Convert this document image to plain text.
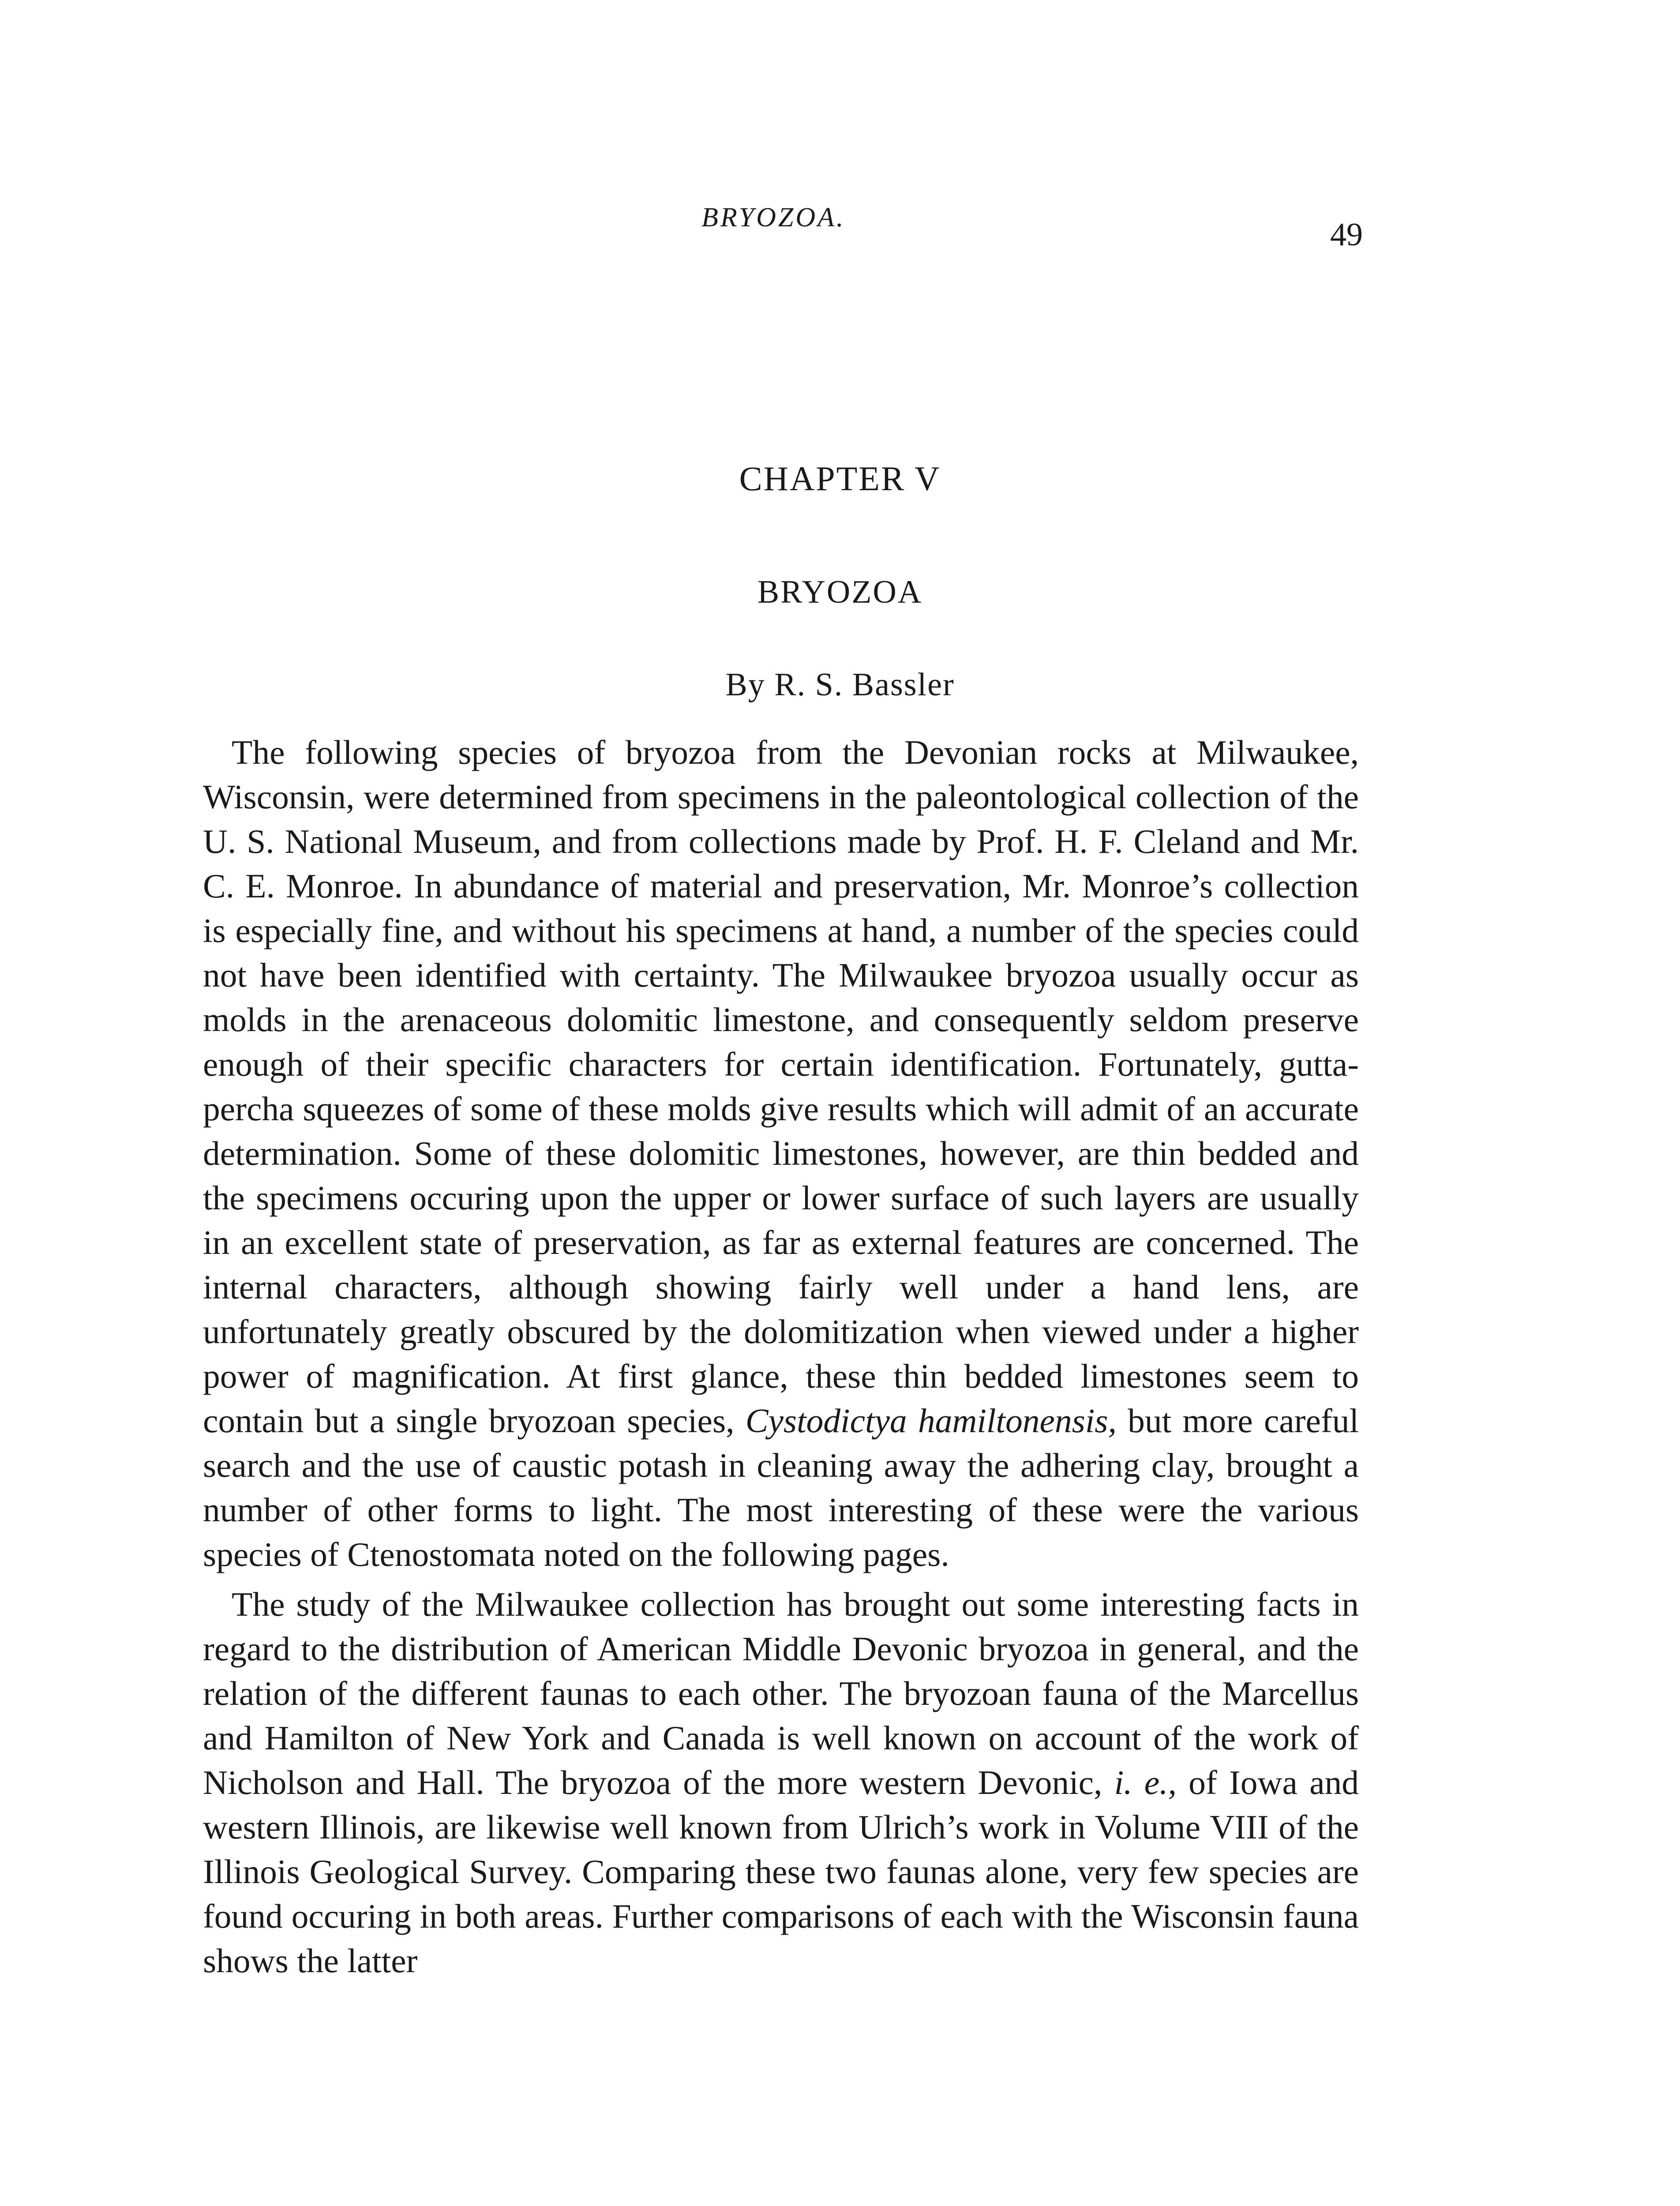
BRYOZOA.	49
CHAPTER V
BRYOZOA
By R. S. Bassler

The following species of bryozoa from the Devonian rocks at Milwaukee, Wisconsin, were determined from specimens in the paleontological collection of the U. S. National Museum, and from collections made by Prof. H. F. Cleland and Mr. C. E. Monroe. In abundance of material and preservation, Mr. Monroe’s collection is especially fine, and without his specimens at hand, a number of the species could not have been identified with certainty. The Milwaukee bryozoa usually occur as molds in the arenaceous dolomitic limestone, and consequently seldom preserve enough of their specific characters for certain identification. Fortunately, gutta-percha squeezes of some of these molds give results which will admit of an accurate determination. Some of these dolomitic limestones, however, are thin bedded and the specimens occuring upon the upper or lower surface of such layers are usually in an excellent state of preservation, as far as external features are concerned. The internal characters, although showing fairly well under a hand lens, are unfortunately greatly obscured by the dolomitization when viewed under a higher power of magnification. At first glance, these thin bedded limestones seem to contain but a single bryozoan species, Cystodictya hamiltonensis, but more careful search and the use of caustic potash in cleaning away the adhering clay, brought a number of other forms to light. The most interesting of these were the various species of Ctenostomata noted on the following pages.

The study of the Milwaukee collection has brought out some interesting facts in regard to the distribution of American Middle Devonic bryozoa in general, and the relation of the different faunas to each other. The bryozoan fauna of the Marcellus and Hamilton of New York and Canada is well known on account of the work of Nicholson and Hall. The bryozoa of the more western Devonic, i. e., of Iowa and western Illinois, are likewise well known from Ulrich’s work in Volume VIII of the Illinois Geological Survey. Comparing these two faunas alone, very few species are found occuring in both areas. Further comparisons of each with the Wisconsin fauna shows the latter
